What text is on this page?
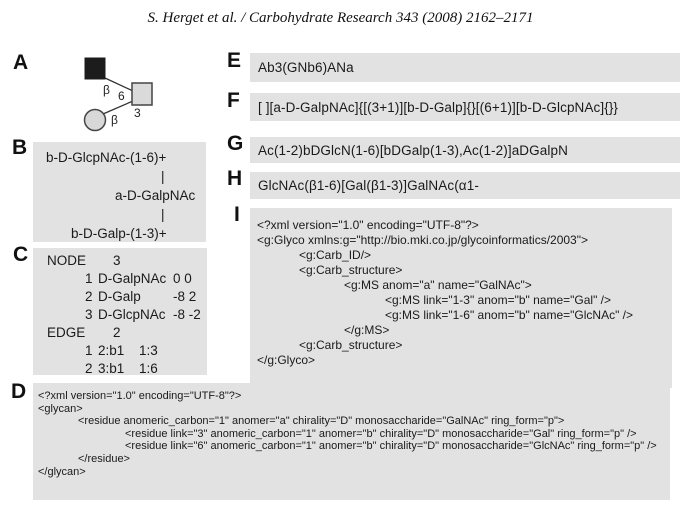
S. Herget et al. / Carbohydrate Research 343 (2008) 2162–2171
A
β 6
3
β
B	b-D-GlcpNAc-(1-6)+
|
a-D-GalpNAc
|
b-D-Galp-(1-3)+
C	NODE 3
1 D-GalpNAc 0 0
2 D-Galp	-8 2
3 D-GlcpNAc -8 -2
EDGE 2
1 2:b1	1:3
2 3:b1	1:6
D	<?xml version="1.0" encoding="UTF-8"?>
<glycan>
<residue anomeric_carbon="1" anomer="a" chirality="D" monosaccharide="GalNAc" ring_form="p">
<residue link="3" anomeric_carbon="1" anomer="b" chirality="D" monosaccharide="Gal" ring_form="p" />
<residue link="6" anomeric_carbon="1" anomer="b" chirality="D" monosaccharide="GlcNAc" ring_form="p" />
</residue>
</glycan>
E Ab3(GNb6)ANa
F [ ][a-D-GalpNAc]{[(3+1)][b-D-Galp]{}[(6+1)][b-D-GlcpNAc]{}}
G Ac(1-2)bDGlcN(1-6)[bDGalp(1-3),Ac(1-2)]aDGalpN
H GlcNAc(β1-6)[Gal(β1-3)]GalNAc(α1-
I	<?xml version="1.0" encoding="UTF-8"?>
<g:Glyco xmlns:g="http://bio.mki.co.jp/glycoinformatics/2003">
<g:Carb_ID/>
<g:Carb_structure>
<g:MS anom="a" name="GalNAc">
<g:MS link="1-3" anom="b" name="Gal" />
<g:MS link="1-6" anom="b" name="GlcNAc" />
</g:MS>
<g:Carb_structure>
</g:Glyco>
